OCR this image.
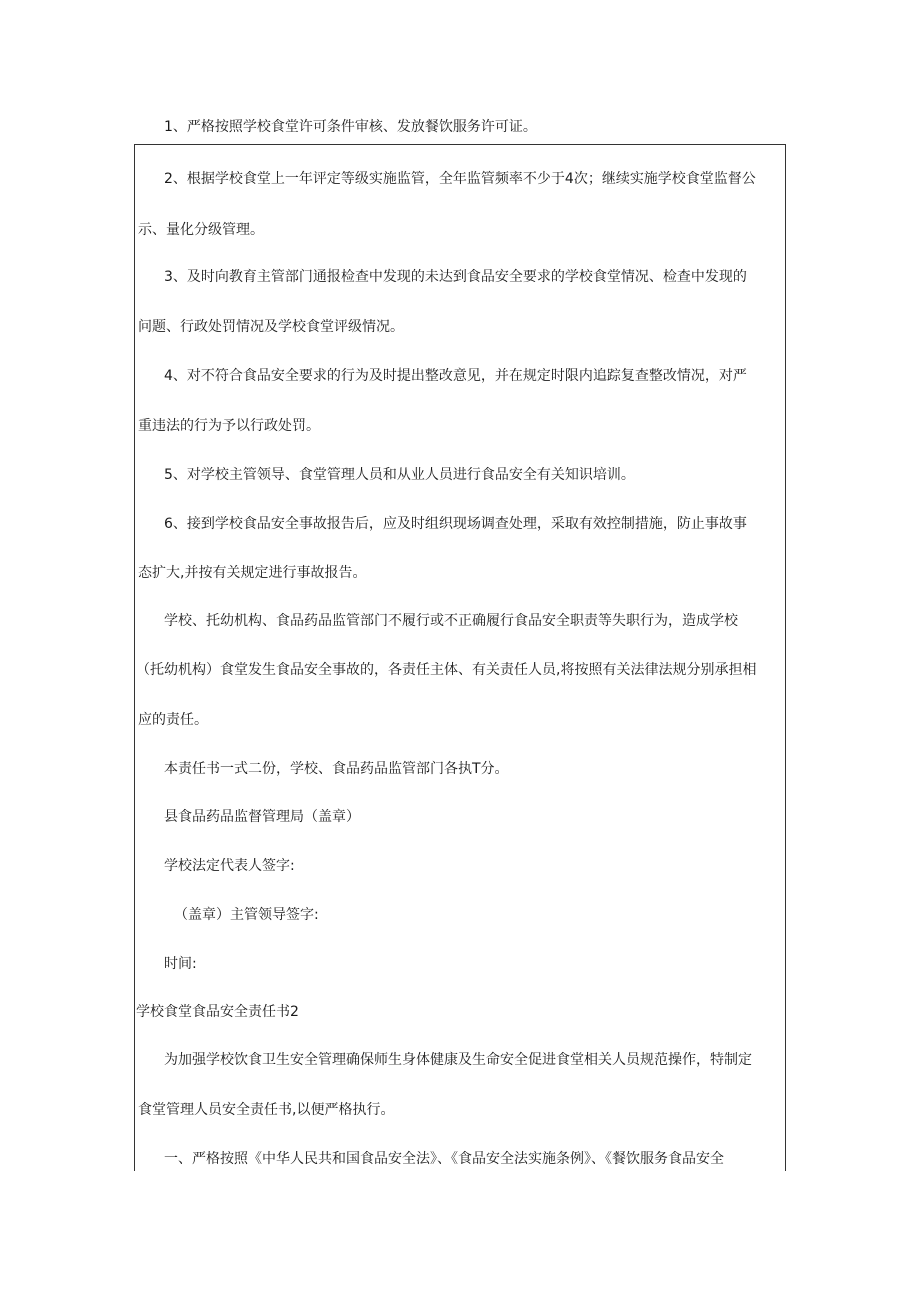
1、严格按照学校食堂许可条件审核、发放餐饮服务许可证。
2、根据学校食堂上一年评定等级实施监管，全年监管频率不少于4次；继续实施学校食堂监督公
示、量化分级管理。
3、及时向教育主管部门通报检查中发现的未达到食品安全要求的学校食堂情况、检查中发现的
问题、行政处罚情况及学校食堂评级情况。
4、对不符合食品安全要求的行为及时提出整改意见，并在规定时限内追踪复查整改情况，对严
重违法的行为予以行政处罚。
5、对学校主管领导、食堂管理人员和从业人员进行食品安全有关知识培训。
6、接到学校食品安全事故报告后，应及时组织现场调查处理，采取有效控制措施，防止事故事
态扩大,并按有关规定进行事故报告。
学校、托幼机构、食品药品监管部门不履行或不正确履行食品安全职责等失职行为，造成学校
（托幼机构）食堂发生食品安全事故的，各责任主体、有关责任人员,将按照有关法律法规分别承担相
应的责任。
本责任书一式二份，学校、食品药品监管部门各执T分。
县食品药品监督管理局（盖章）
学校法定代表人签字:
（盖章）主管领导签字:
时间:
学校食堂食品安全责任书2
为加强学校饮食卫生安全管理确保师生身体健康及生命安全促进食堂相关人员规范操作，特制定
食堂管理人员安全责任书,以便严格执行。
一、严格按照《中华人民共和国食品安全法》、《食品安全法实施条例》、《餐饮服务食品安全
